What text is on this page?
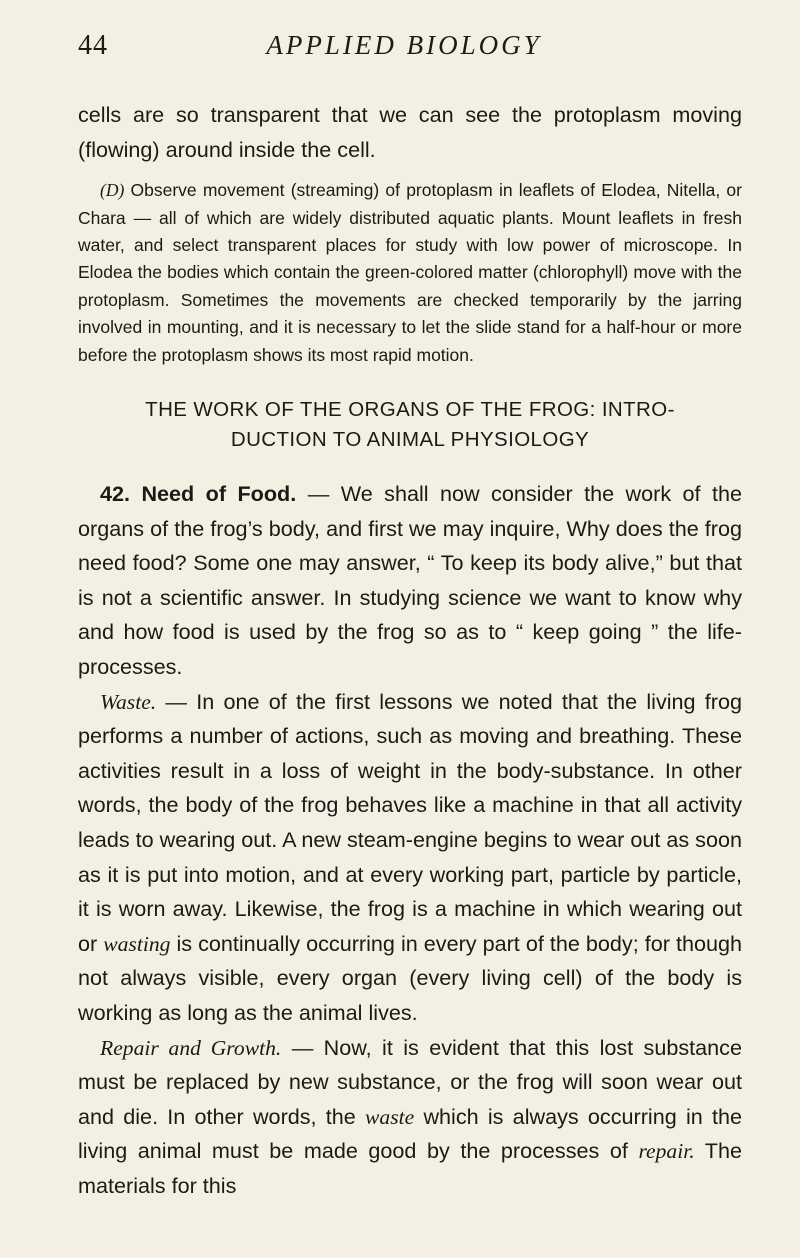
44	APPLIED BIOLOGY

cells are so transparent that we can see the protoplasm moving (flowing) around inside the cell.

(D) Observe movement (streaming) of protoplasm in leaflets of Elodea, Nitella, or Chara — all of which are widely distributed aquatic plants. Mount leaflets in fresh water, and select transparent places for study with low power of microscope. In Elodea the bodies which contain the green-colored matter (chlorophyll) move with the protoplasm. Sometimes the movements are checked temporarily by the jarring involved in mounting, and it is necessary to let the slide stand for a half-hour or more before the protoplasm shows its most rapid motion.

THE WORK OF THE ORGANS OF THE FROG: INTRO-
DUCTION TO ANIMAL PHYSIOLOGY

42. Need of Food. — We shall now consider the work of the organs of the frog’s body, and first we may inquire, Why does the frog need food? Some one may answer, “ To keep its body alive,” but that is not a scientific answer. In studying science we want to know why and how food is used by the frog so as to “ keep going ” the life-processes.

Waste. — In one of the first lessons we noted that the living frog performs a number of actions, such as moving and breathing. These activities result in a loss of weight in the body-substance. In other words, the body of the frog behaves like a machine in that all activity leads to wearing out. A new steam-engine begins to wear out as soon as it is put into motion, and at every working part, particle by particle, it is worn away. Likewise, the frog is a machine in which wearing out or wasting is continually occurring in every part of the body; for though not always visible, every organ (every living cell) of the body is working as long as the animal lives.

Repair and Growth. — Now, it is evident that this lost substance must be replaced by new substance, or the frog will soon wear out and die. In other words, the waste which is always occurring in the living animal must be made good by the processes of repair. The materials for this
